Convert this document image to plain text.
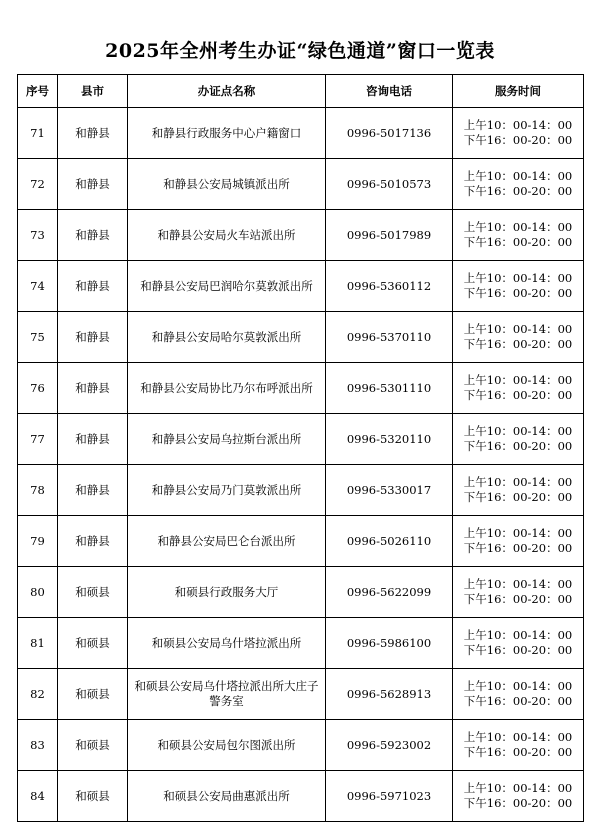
2025年全州考生办证“绿色通道”窗口一览表
序号	县市	办证点名称	咨询电话	服务时间
71	和静县	和静县行政服务中心户籍窗口	0996-5017136	上午10：00-14：00
下午16：00-20：00

72	和静县	和静县公安局城镇派出所	0996-5010573	上午10：00-14：00
下午16：00-20：00

73	和静县	和静县公安局火车站派出所	0996-5017989	上午10：00-14：00
下午16：00-20：00

74	和静县	和静县公安局巴润哈尔莫敦派出所	0996-5360112	上午10：00-14：00
下午16：00-20：00

75	和静县	和静县公安局哈尔莫敦派出所	0996-5370110	上午10：00-14：00
下午16：00-20：00

76	和静县	和静县公安局协比乃尔布呼派出所	0996-5301110	上午10：00-14：00
下午16：00-20：00

77	和静县	和静县公安局乌拉斯台派出所	0996-5320110	上午10：00-14：00
下午16：00-20：00

78	和静县	和静县公安局乃门莫敦派出所	0996-5330017	上午10：00-14：00
下午16：00-20：00

79	和静县	和静县公安局巴仑台派出所	0996-5026110	上午10：00-14：00
下午16：00-20：00

80	和硕县	和硕县行政服务大厅	0996-5622099	上午10：00-14：00
下午16：00-20：00

81	和硕县	和硕县公安局乌什塔拉派出所	0996-5986100	上午10：00-14：00
下午16：00-20：00

82	和硕县	和硕县公安局乌什塔拉派出所大庄子警务室	0996-5628913	上午10：00-14：00
下午16：00-20：00

83	和硕县	和硕县公安局包尔图派出所	0996-5923002	上午10：00-14：00
下午16：00-20：00

84	和硕县	和硕县公安局曲惠派出所	0996-5971023	上午10：00-14：00
下午16：00-20：00
